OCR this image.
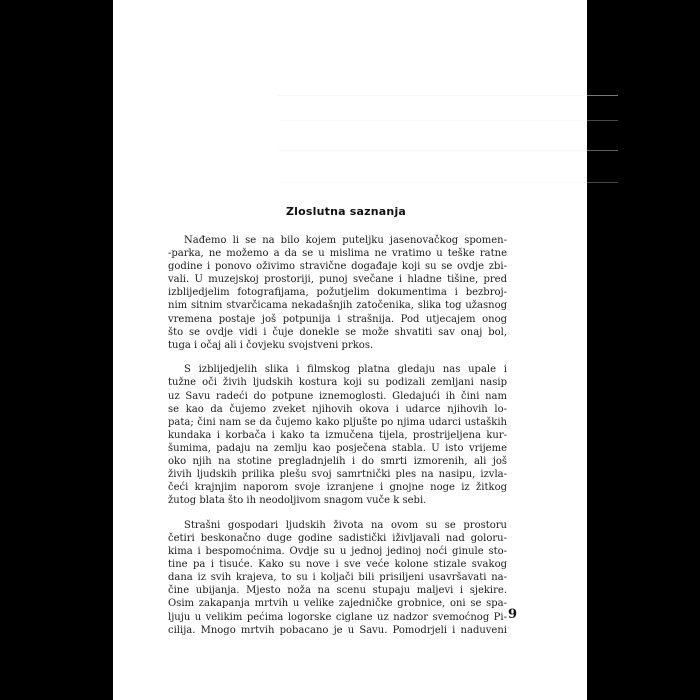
Zloslutna saznanja

Nađemo li se na bilo kojem puteljku jasenovačkog spomen-
-parka, ne možemo a da se u mislima ne vratimo u teške ratne
godine i ponovo oživimo stravične događaje koji su se ovdje zbi-
vali. U muzejskoj prostoriji, punoj svečane i hladne tišine, pred
izblijedjelim fotografijama, požutjelim dokumentima i bezbroj-
nim sitnim stvarčicama nekadašnjih zatočenika, slika tog užasnog
vremena postaje još potpunija i strašnija. Pod utjecajem onog
što se ovdje vidi i čuje donekle se može shvatiti sav onaj bol,
tuga i očaj ali i čovjeku svojstveni prkos.

S izblijedjelih slika i filmskog platna gledaju nas upale i
tužne oči živih ljudskih kostura koji su podizali zemljani nasip
uz Savu radeći do potpune iznemoglosti. Gledajući ih čini nam
se kao da čujemo zveket njihovih okova i udarce njihovih lo-
pata; čini nam se da čujemo kako pljušte po njima udarci ustaških
kundaka i korbača i kako ta izmučena tijela, prostrijeljena kur-
šumima, padaju na zemlju kao posječena stabla. U isto vrijeme
oko njih na stotine pregladnjelih i do smrti izmorenih, ali još
živih ljudskih prilika plešu svoj samrtnički ples na nasipu, izvla-
čeći krajnjim naporom svoje izranjene i gnojne noge iz žitkog
žutog blata što ih neodoljivom snagom vuče k sebi.

Strašni gospodari ljudskih života na ovom su se prostoru
četiri beskonačno duge godine sadistički iživljavali nad goloru-
kima i bespomoćnima. Ovdje su u jednoj jedinoj noći ginule sto-
tine pa i tisuće. Kako su nove i sve veće kolone stizale svakog
dana iz svih krajeva, to su i koljači bili prisiljeni usavršavati na-
čine ubijanja. Mjesto noža na scenu stupaju maljevi i sjekire.
Osim zakapanja mrtvih u velike zajedničke grobnice, oni se spa-
ljuju u velikim pećima logorske ciglane uz nadzor svemoćnog Pi-
cilija. Mnogo mrtvih pobacano je u Savu. Pomodrjeli i naduveni

9
